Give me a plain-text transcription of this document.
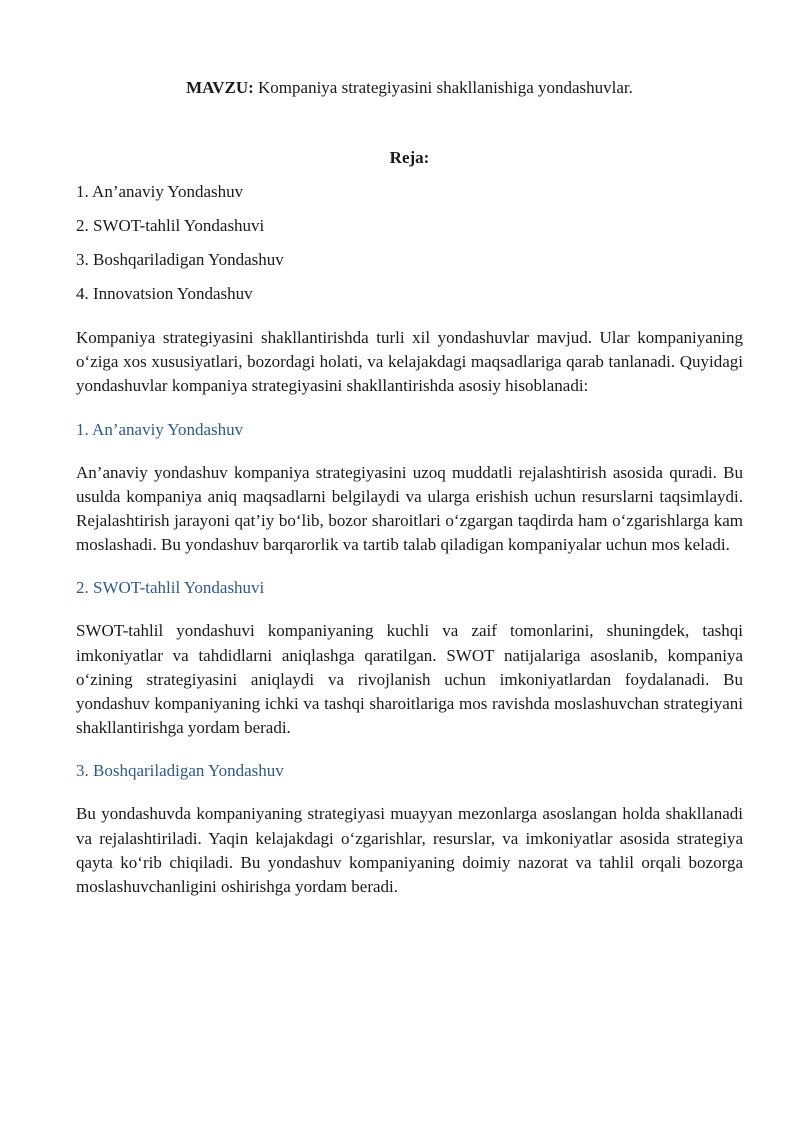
MAVZU: Kompaniya strategiyasini shakllanishiga yondashuvlar.

Reja:

1. An’anaviy Yondashuv
2. SWOT-tahlil Yondashuvi
3. Boshqariladigan Yondashuv
4. Innovatsion Yondashuv

Kompaniya strategiyasini shakllantirishda turli xil yondashuvlar mavjud. Ular kompaniyaning o‘ziga xos xususiyatlari, bozordagi holati, va kelajakdagi maqsadlariga qarab tanlanadi. Quyidagi yondashuvlar kompaniya strategiyasini shakllantirishda asosiy hisoblanadi:

1. An’anaviy Yondashuv

An’anaviy yondashuv kompaniya strategiyasini uzoq muddatli rejalashtirish asosida quradi. Bu usulda kompaniya aniq maqsadlarni belgilaydi va ularga erishish uchun resurslarni taqsimlaydi. Rejalashtirish jarayoni qat’iy bo‘lib, bozor sharoitlari o‘zgargan taqdirda ham o‘zgarishlarga kam moslashadi. Bu yondashuv barqarorlik va tartib talab qiladigan kompaniyalar uchun mos keladi.

2. SWOT-tahlil Yondashuvi

SWOT-tahlil yondashuvi kompaniyaning kuchli va zaif tomonlarini, shuningdek, tashqi imkoniyatlar va tahdidlarni aniqlashga qaratilgan. SWOT natijalariga asoslanib, kompaniya o‘zining strategiyasini aniqlaydi va rivojlanish uchun imkoniyatlardan foydalanadi. Bu yondashuv kompaniyaning ichki va tashqi sharoitlariga mos ravishda moslashuvchan strategiyani shakllantirishga yordam beradi.

3. Boshqariladigan Yondashuv

Bu yondashuvda kompaniyaning strategiyasi muayyan mezonlarga asoslangan holda shakllanadi va rejalashtiriladi. Yaqin kelajakdagi o‘zgarishlar, resurslar, va imkoniyatlar asosida strategiya qayta ko‘rib chiqiladi. Bu yondashuv kompaniyaning doimiy nazorat va tahlil orqali bozorga moslashuvchanligini oshirishga yordam beradi.
